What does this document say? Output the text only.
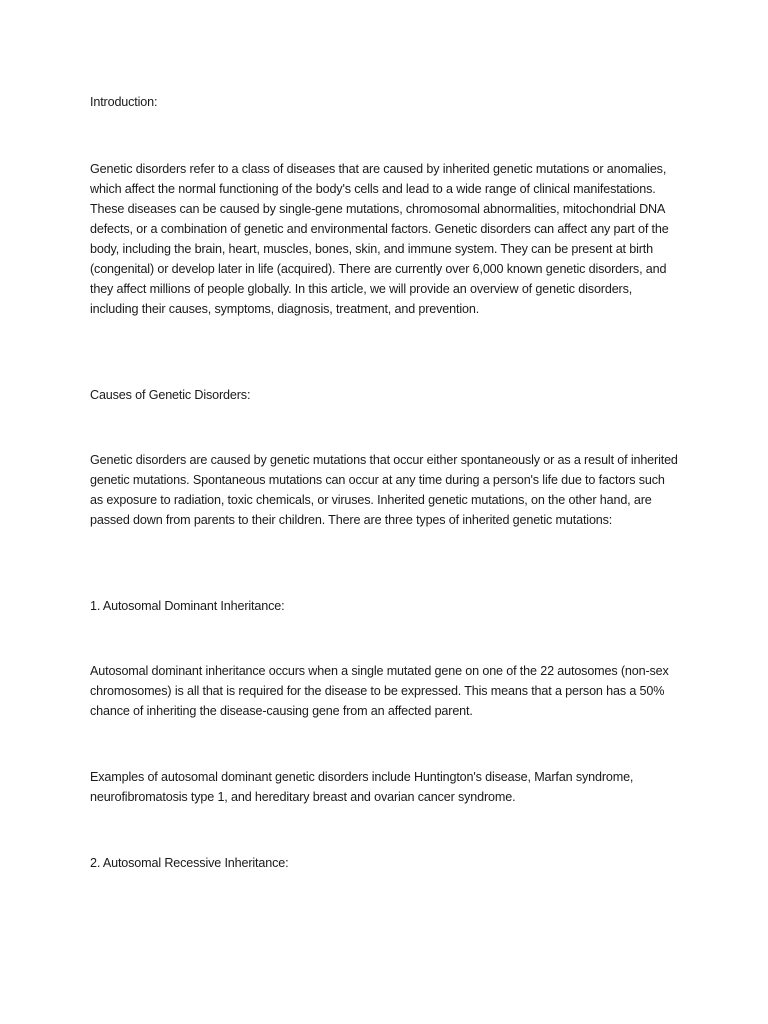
Introduction:

Genetic disorders refer to a class of diseases that are caused by inherited genetic mutations or anomalies, which affect the normal functioning of the body's cells and lead to a wide range of clinical manifestations. These diseases can be caused by single-gene mutations, chromosomal abnormalities, mitochondrial DNA defects, or a combination of genetic and environmental factors. Genetic disorders can affect any part of the body, including the brain, heart, muscles, bones, skin, and immune system. They can be present at birth (congenital) or develop later in life (acquired). There are currently over 6,000 known genetic disorders, and they affect millions of people globally. In this article, we will provide an overview of genetic disorders, including their causes, symptoms, diagnosis, treatment, and prevention.

Causes of Genetic Disorders:

Genetic disorders are caused by genetic mutations that occur either spontaneously or as a result of inherited genetic mutations. Spontaneous mutations can occur at any time during a person's life due to factors such as exposure to radiation, toxic chemicals, or viruses. Inherited genetic mutations, on the other hand, are passed down from parents to their children. There are three types of inherited genetic mutations:

1. Autosomal Dominant Inheritance:

Autosomal dominant inheritance occurs when a single mutated gene on one of the 22 autosomes (non-sex chromosomes) is all that is required for the disease to be expressed. This means that a person has a 50% chance of inheriting the disease-causing gene from an affected parent.

Examples of autosomal dominant genetic disorders include Huntington's disease, Marfan syndrome, neurofibromatosis type 1, and hereditary breast and ovarian cancer syndrome.

2. Autosomal Recessive Inheritance:
